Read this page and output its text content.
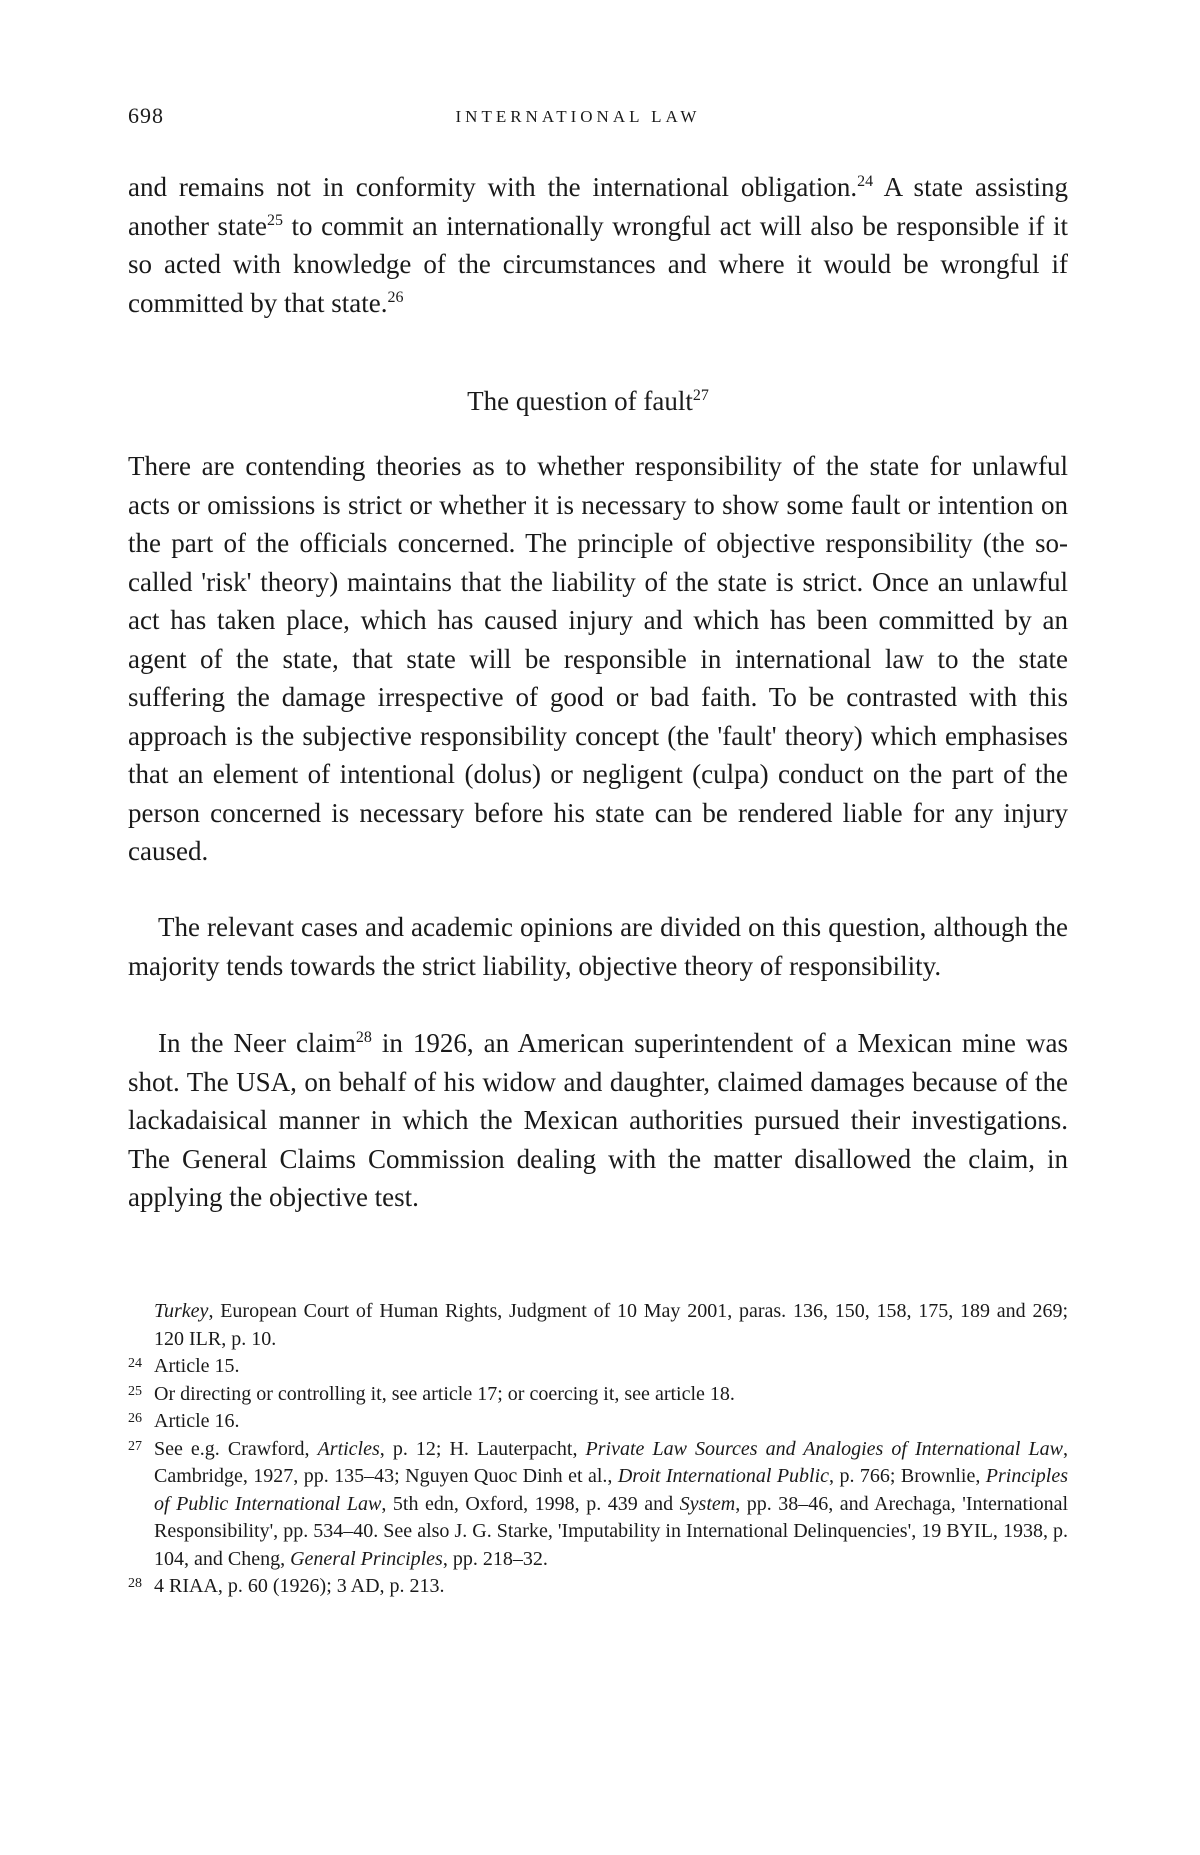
698	INTERNATIONAL LAW

and remains not in conformity with the international obligation.$^{24}$ A state assisting another state$^{25}$ to commit an internationally wrongful act will also be responsible if it so acted with knowledge of the circumstances and where it would be wrongful if committed by that state.$^{26}$

The question of fault$^{27}$

There are contending theories as to whether responsibility of the state for unlawful acts or omissions is strict or whether it is necessary to show some fault or intention on the part of the officials concerned. The principle of objective responsibility (the so-called 'risk' theory) maintains that the liability of the state is strict. Once an unlawful act has taken place, which has caused injury and which has been committed by an agent of the state, that state will be responsible in international law to the state suffering the damage irrespective of good or bad faith. To be contrasted with this approach is the subjective responsibility concept (the 'fault' theory) which emphasises that an element of intentional (dolus) or negligent (culpa) conduct on the part of the person concerned is necessary before his state can be rendered liable for any injury caused.

The relevant cases and academic opinions are divided on this question, although the majority tends towards the strict liability, objective theory of responsibility.

In the Neer claim$^{28}$ in 1926, an American superintendent of a Mexican mine was shot. The USA, on behalf of his widow and daughter, claimed damages because of the lackadaisical manner in which the Mexican authorities pursued their investigations. The General Claims Commission dealing with the matter disallowed the claim, in applying the objective test.

Turkey, European Court of Human Rights, Judgment of 10 May 2001, paras. 136, 150, 158, 175, 189 and 269; 120 ILR, p. 10.
24 Article 15.
25 Or directing or controlling it, see article 17; or coercing it, see article 18.
26 Article 16.
27 See e.g. Crawford, Articles, p. 12; H. Lauterpacht, Private Law Sources and Analogies of International Law, Cambridge, 1927, pp. 135–43; Nguyen Quoc Dinh et al., Droit International Public, p. 766; Brownlie, Principles of Public International Law, 5th edn, Oxford, 1998, p. 439 and System, pp. 38–46, and Arechaga, 'International Responsibility', pp. 534–40. See also J. G. Starke, 'Imputability in International Delinquencies', 19 BYIL, 1938, p. 104, and Cheng, General Principles, pp. 218–32.
28 4 RIAA, p. 60 (1926); 3 AD, p. 213.
